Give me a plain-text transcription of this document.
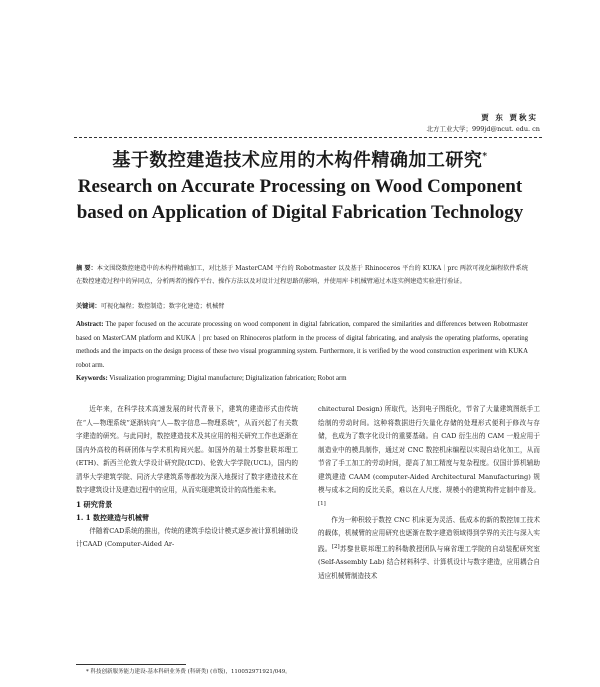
贾 东 贾秋实
北方工业大学；999jd@ncut. edu. cn
基于数控建造技术应用的木构件精确加工研究*
Research on Accurate Processing on Wood Component
based on Application of Digital Fabrication Technology
摘 要：本文围绕数控建造中的木构件精确加工，对比基于 MasterCAM 平台的 Robotmaster 以及基于 Rhinoceros 平台的 KUKA｜prc 两款可视化编程软件系统在数控建造过程中的异同点，分析两者的操作平台、操作方法以及对设计过程思路的影响，并使用库卡机械臂通过木连实例建造实验进行验证。
关键词：可视化编程；数控制造；数字化建造；机械臂
Abstract: The paper focused on the accurate processing on wood component in digital fabrication, compared the similarities and differences between Robotmaster based on MasterCAM platform and KUKA｜prc based on Rhinoceros platform in the process of digital fabricating, and analysis the operating platforms, operating methods and the impacts on the design process of these two visual programming system. Furthermore, it is verified by the wood construction experiment with KUKA robot arm.
Keywords: Visualization programming; Digital manufacture; Digitalization fabrication; Robot arm

近年来，在科学技术高速发展的时代背景下，建筑的建造形式由传统在“人—物理系统”逐渐转向“人—数字信息—物理系统”，从而兴起了有关数字建造的研究。与此同时，数控建造技术及其应用的相关研究工作也逐渐在国内外高校的科研团体与学术机构间兴起。如国外的瑞士苏黎世联邦理工(ETH)、新西兰伦敦大学设计研究院(ICD)、伦敦大学学院(UCL)，国内的清华大学建筑学院、同济大学建筑系等都较为深入地探讨了数字建造技术在数字建筑设计及建造过程中的应用，从而实现建筑设计的高性能未来。

1 研究背景

1. 1 数控建造与机械臂

伴随着CAD系统的推出，传统的建筑手绘设计模式逐步被计算机辅助设计CAAD (Computer-Aided Ar-

chitectural Design) 所取代，达到电子图纸化，节省了大量建筑图纸手工绘制的劳动时间。这种将数据进行矢量化存储的处理形式便利于修改与存储，也成为了数字化设计的重要基础。自 CAD 衍生出的 CAM 一般应用于制造业中的模具制作，通过对 CNC 数控机床编程以实现自动化加工，从而节省了手工加工的劳动时间，提高了加工精度与复杂程度。仅国计算机辅助建筑建造 CAAM (computer-Aided Architectural Manufacturing) 规模与成本之间的反比关系，难以在人尺度、规模小的建筑构件定制中普及。[1]

作为一种积较于数控 CNC 机床更为灵活、低成本的新的数控加工技术的载体，机械臂的应用研究也逐渐在数字建造领域得到学界的关注与深入实践。[2]苏黎世联邦理工的科勒教授团队与麻省理工学院的自动装配研究室 (Self-Assembly Lab) 结合材料科学、计算机设计与数字建造，应用耦合自适应机械臂制造技术

* 科技创新服务能力建设-基本科研业务费 (科研类) (市级)，110052971921/049。
